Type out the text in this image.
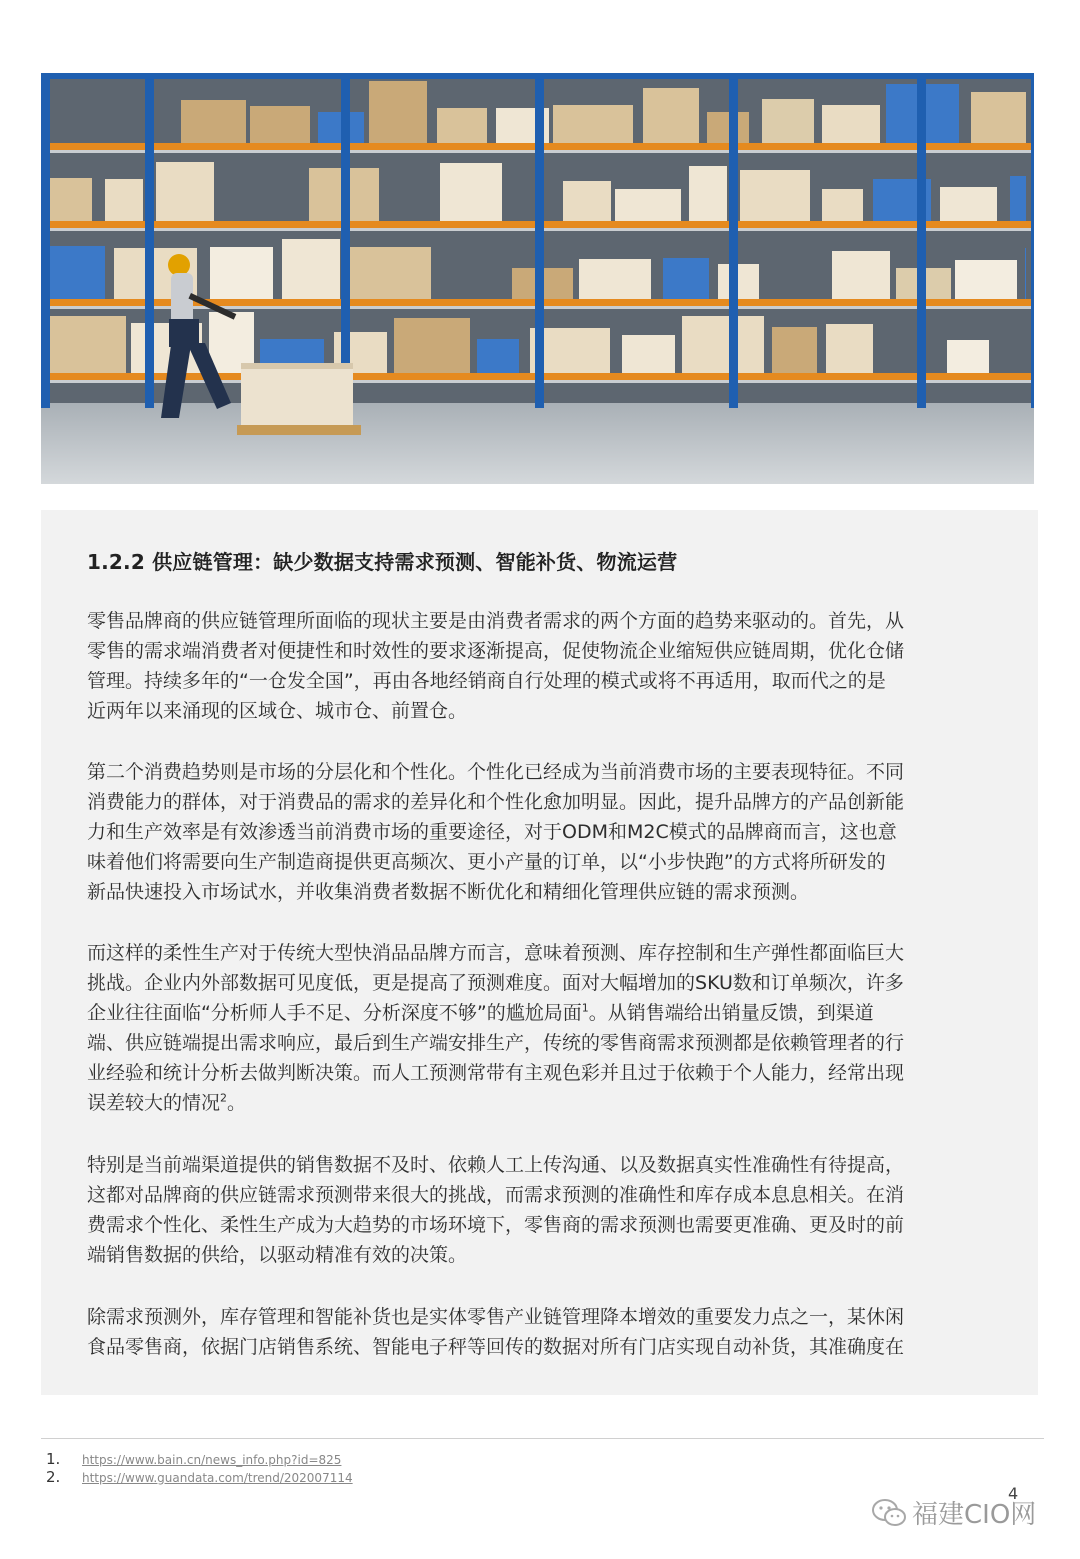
1.2.2 供应链管理：缺少数据支持需求预测、智能补货、物流运营

零售品牌商的供应链管理所面临的现状主要是由消费者需求的两个方面的趋势来驱动的。首先，从
零售的需求端消费者对便捷性和时效性的要求逐渐提高，促使物流企业缩短供应链周期，优化仓储
管理。持续多年的“一仓发全国”，再由各地经销商自行处理的模式或将不再适用，取而代之的是
近两年以来涌现的区域仓、城市仓、前置仓。

第二个消费趋势则是市场的分层化和个性化。个性化已经成为当前消费市场的主要表现特征。不同
消费能力的群体，对于消费品的需求的差异化和个性化愈加明显。因此，提升品牌方的产品创新能
力和生产效率是有效渗透当前消费市场的重要途径，对于ODM和M2C模式的品牌商而言，这也意
味着他们将需要向生产制造商提供更高频次、更小产量的订单，以“小步快跑”的方式将所研发的
新品快速投入市场试水，并收集消费者数据不断优化和精细化管理供应链的需求预测。

而这样的柔性生产对于传统大型快消品品牌方而言，意味着预测、库存控制和生产弹性都面临巨大
挑战。企业内外部数据可见度低，更是提高了预测难度。面对大幅增加的SKU数和订单频次，许多
企业往往面临“分析师人手不足、分析深度不够”的尴尬局面$^1$。从销售端给出销量反馈，到渠道
端、供应链端提出需求响应，最后到生产端安排生产，传统的零售商需求预测都是依赖管理者的行
业经验和统计分析去做判断决策。而人工预测常带有主观色彩并且过于依赖于个人能力，经常出现
误差较大的情况$^2$。

特别是当前端渠道提供的销售数据不及时、依赖人工上传沟通、以及数据真实性准确性有待提高，
这都对品牌商的供应链需求预测带来很大的挑战，而需求预测的准确性和库存成本息息相关。在消
费需求个性化、柔性生产成为大趋势的市场环境下，零售商的需求预测也需要更准确、更及时的前
端销售数据的供给，以驱动精准有效的决策。

除需求预测外，库存管理和智能补货也是实体零售产业链管理降本增效的重要发力点之一，某休闲
食品零售商，依据门店销售系统、智能电子秤等回传的数据对所有门店实现自动补货，其准确度在

1. https://www.bain.cn/news_info.php?id=825
2. https://www.guandata.com/trend/202007114
4
福建CIO网
